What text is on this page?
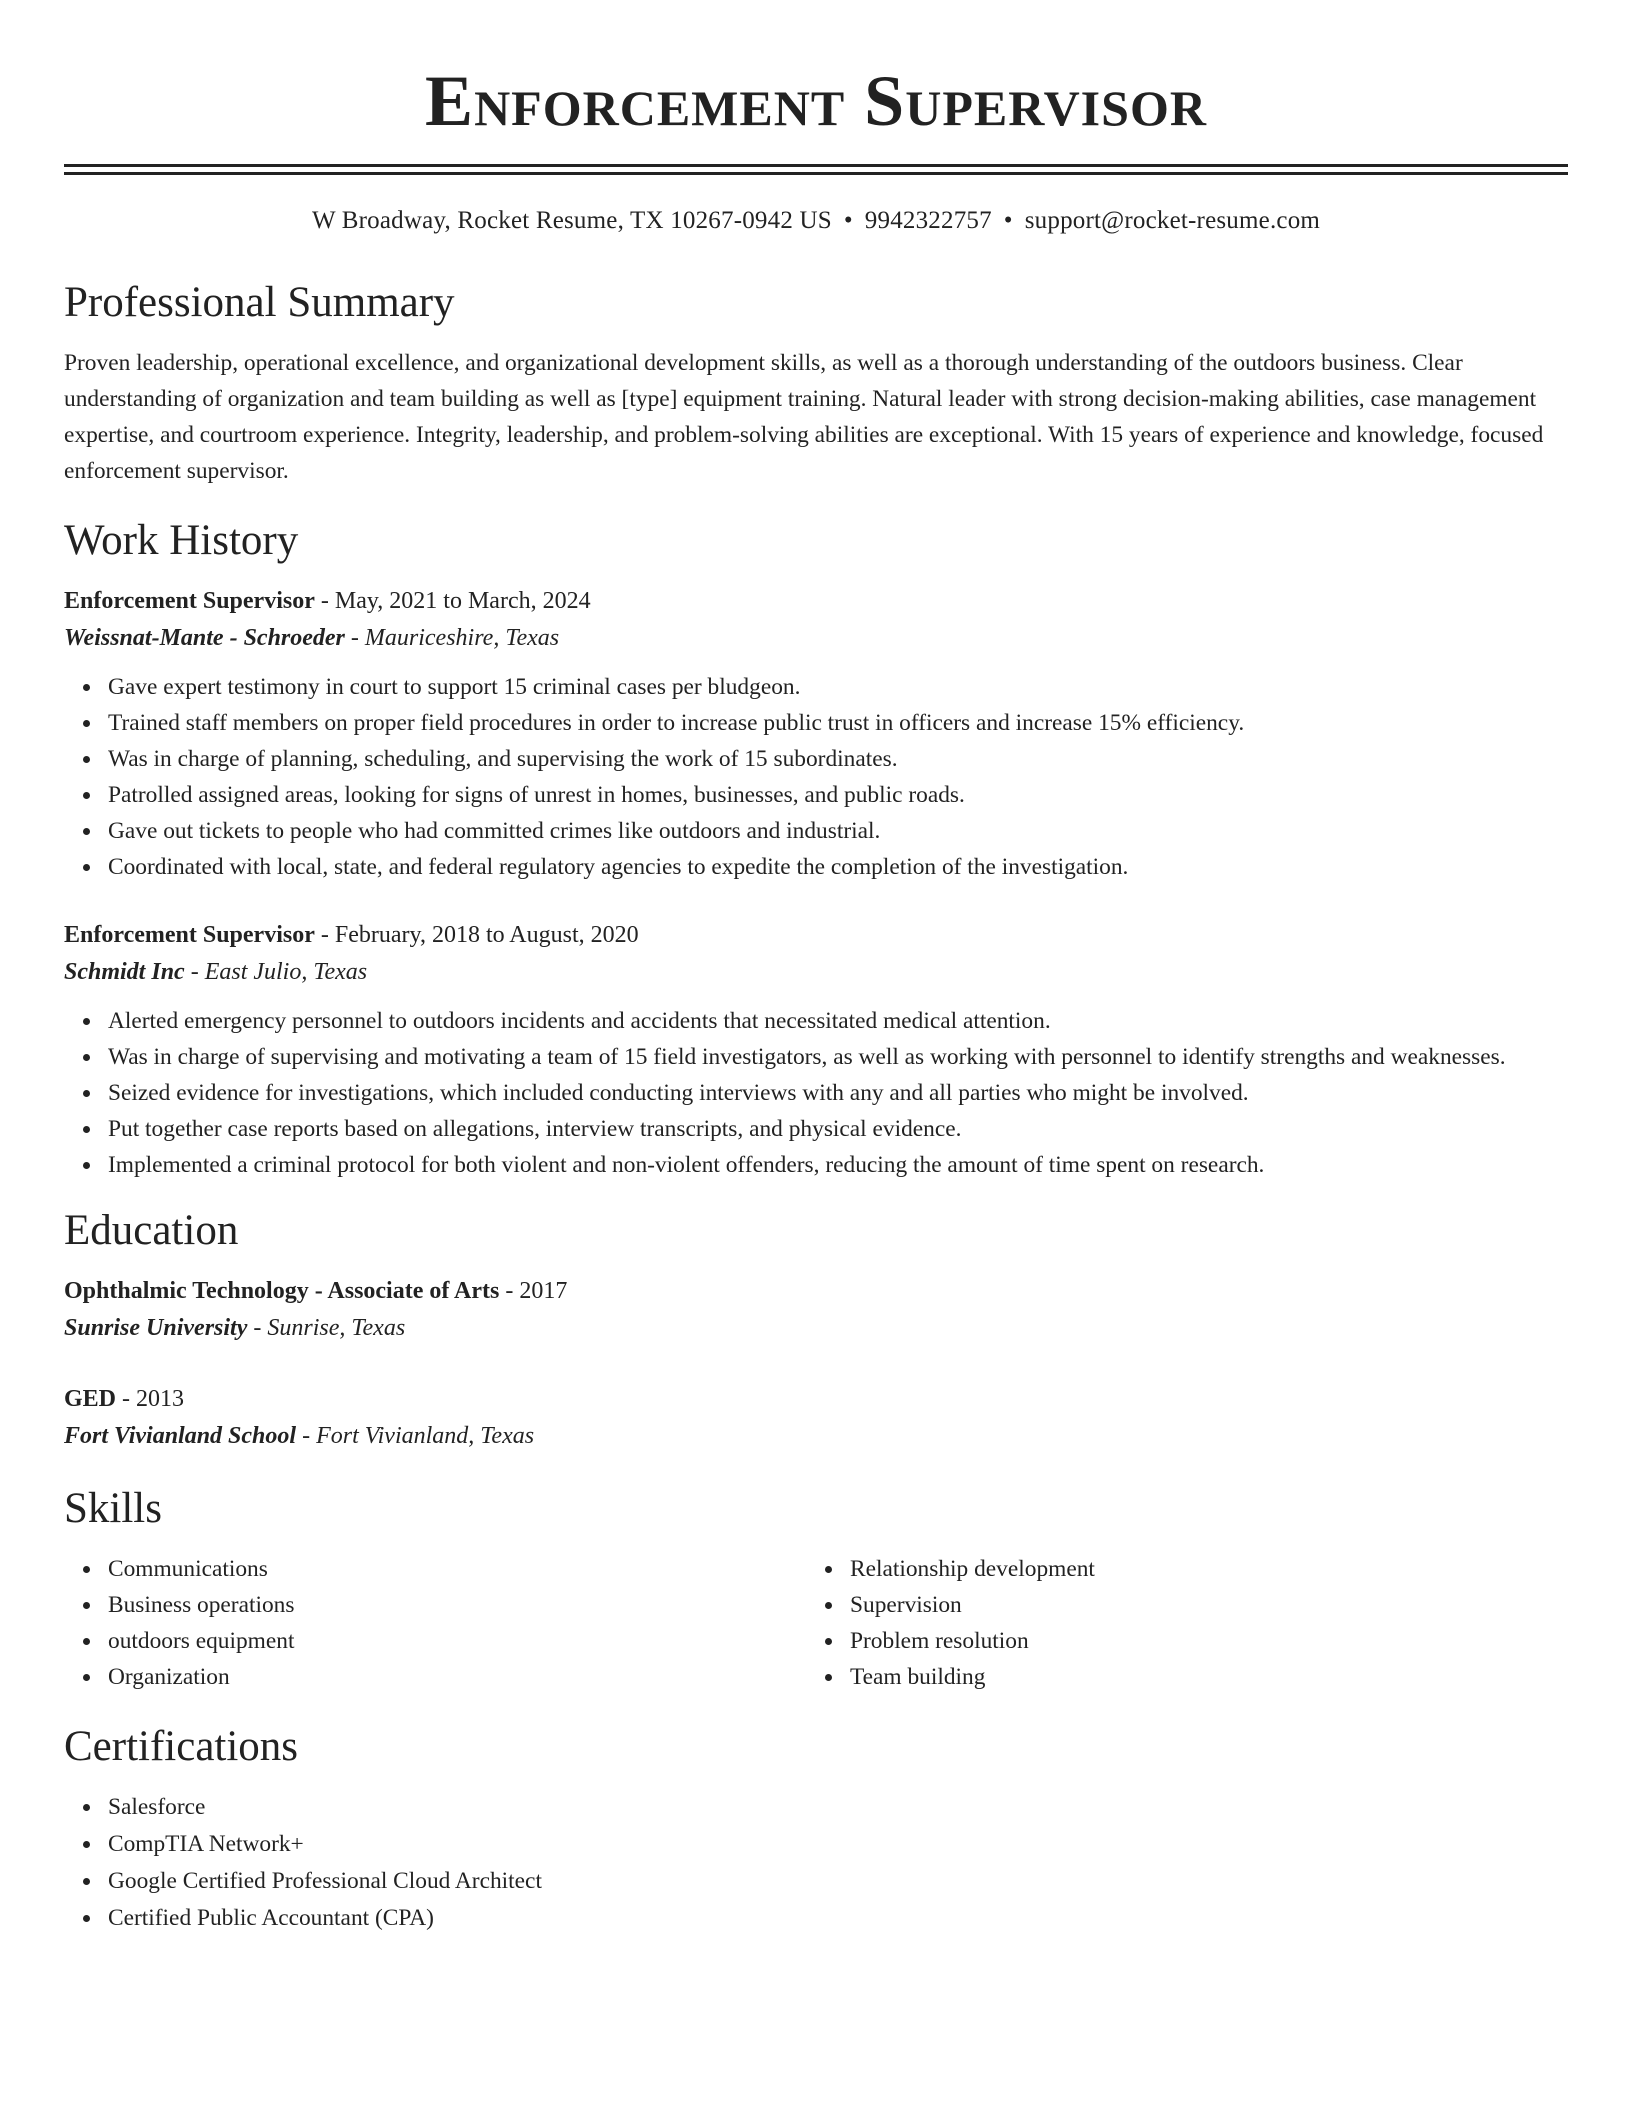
Enforcement Supervisor
W Broadway, Rocket Resume, TX 10267-0942 US • 9942322757 • support@rocket-resume.com
Professional Summary

Proven leadership, operational excellence, and organizational development skills, as well as a thorough understanding of the outdoors business. Clear understanding of organization and team building as well as [type] equipment training. Natural leader with strong decision-making abilities, case management expertise, and courtroom experience. Integrity, leadership, and problem-solving abilities are exceptional. With 15 years of experience and knowledge, focused enforcement supervisor.

Work History
Enforcement Supervisor - May, 2021 to March, 2024
Weissnat-Mante - Schroeder - Mauriceshire, Texas
Gave expert testimony in court to support 15 criminal cases per bludgeon.
Trained staff members on proper field procedures in order to increase public trust in officers and increase 15% efficiency.
Was in charge of planning, scheduling, and supervising the work of 15 subordinates.
Patrolled assigned areas, looking for signs of unrest in homes, businesses, and public roads.
Gave out tickets to people who had committed crimes like outdoors and industrial.
Coordinated with local, state, and federal regulatory agencies to expedite the completion of the investigation.
Enforcement Supervisor - February, 2018 to August, 2020
Schmidt Inc - East Julio, Texas
Alerted emergency personnel to outdoors incidents and accidents that necessitated medical attention.
Was in charge of supervising and motivating a team of 15 field investigators, as well as working with personnel to identify strengths and weaknesses.
Seized evidence for investigations, which included conducting interviews with any and all parties who might be involved.
Put together case reports based on allegations, interview transcripts, and physical evidence.
Implemented a criminal protocol for both violent and non-violent offenders, reducing the amount of time spent on research.
Education
Ophthalmic Technology - Associate of Arts - 2017
Sunrise University - Sunrise, Texas
GED - 2013
Fort Vivianland School - Fort Vivianland, Texas
Skills
Communications
Business operations
outdoors equipment
Organization
Relationship development
Supervision
Problem resolution
Team building
Certifications
Salesforce
CompTIA Network+
Google Certified Professional Cloud Architect
Certified Public Accountant (CPA)
